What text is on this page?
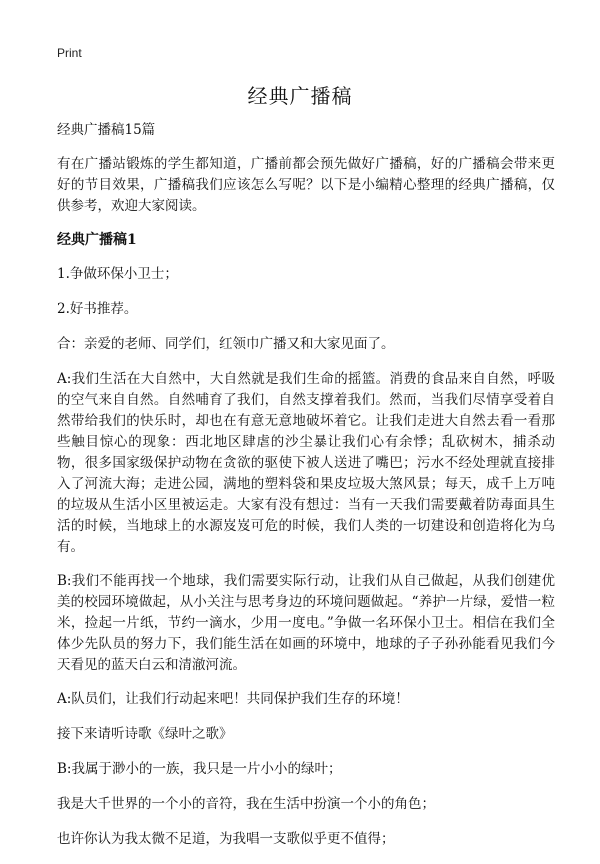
Print
经典广播稿

经典广播稿15篇

有在广播站锻炼的学生都知道，广播前都会预先做好广播稿，好的广播稿会带来更好的节目效果，广播稿我们应该怎么写呢？以下是小编精心整理的经典广播稿，仅供参考，欢迎大家阅读。

经典广播稿1

1.争做环保小卫士；

2.好书推荐。

合：亲爱的老师、同学们，红领巾广播又和大家见面了。

A:我们生活在大自然中，大自然就是我们生命的摇篮。消费的食品来自自然，呼吸的空气来自自然。自然哺育了我们，自然支撑着我们。然而，当我们尽情享受着自然带给我们的快乐时，却也在有意无意地破坏着它。让我们走进大自然去看一看那些触目惊心的现象：西北地区肆虐的沙尘暴让我们心有余悸；乱砍树木，捕杀动物，很多国家级保护动物在贪欲的驱使下被人送进了嘴巴；污水不经处理就直接排入了河流大海；走进公园，满地的塑料袋和果皮垃圾大煞风景；每天，成千上万吨的垃圾从生活小区里被运走。大家有没有想过：当有一天我们需要戴着防毒面具生活的时候，当地球上的水源岌岌可危的时候，我们人类的一切建设和创造将化为乌有。

B:我们不能再找一个地球，我们需要实际行动，让我们从自己做起，从我们创建优美的校园环境做起，从小关注与思考身边的环境问题做起。“养护一片绿，爱惜一粒米，捡起一片纸，节约一滴水，少用一度电。”争做一名环保小卫士。相信在我们全体少先队员的努力下，我们能生活在如画的环境中，地球的子子孙孙能看见我们今天看见的蓝天白云和清澈河流。

A:队员们，让我们行动起来吧！共同保护我们生存的环境！

接下来请听诗歌《绿叶之歌》

B:我属于渺小的一族，我只是一片小小的绿叶；

我是大千世界的一个小的音符，我在生活中扮演一个小的角色；

也许你认为我太微不足道，为我唱一支歌似乎更不值得；
